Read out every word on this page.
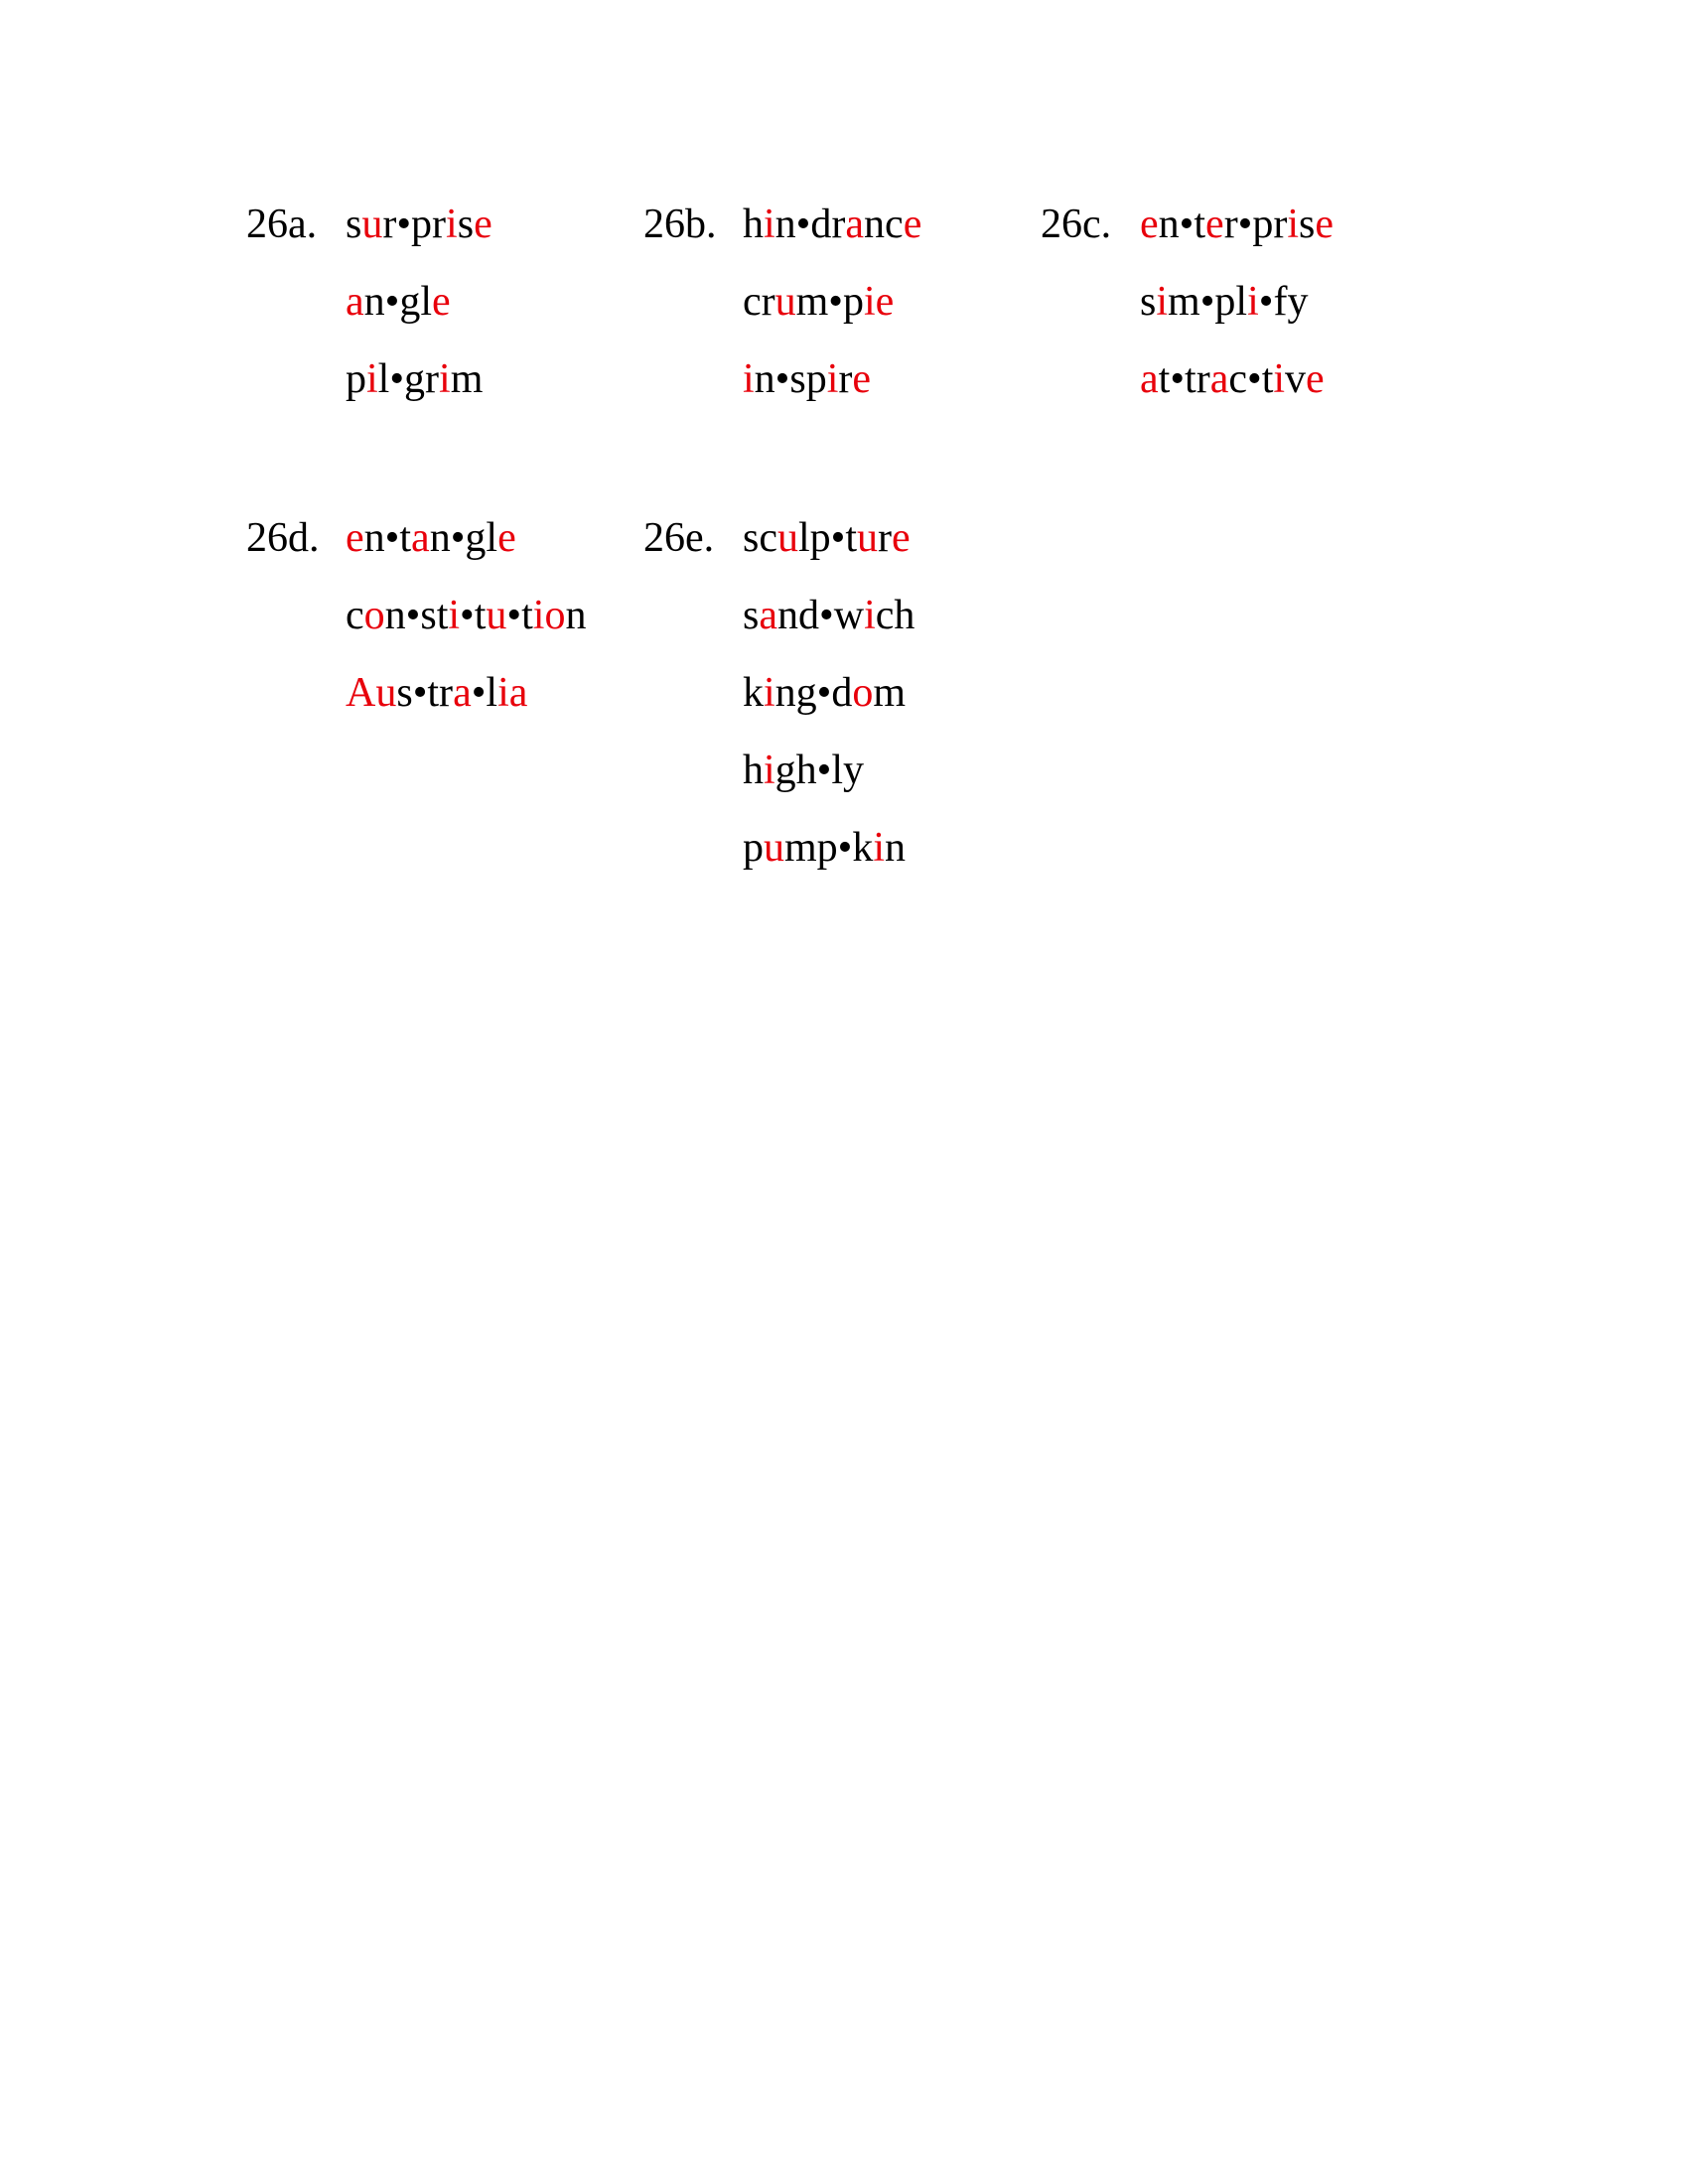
26a. sur•prise
an•gle
pil•grim
26b. hin•drance
crum•pie
in•spire
26c. en•ter•prise
sim•pli•fy
at•trac•tive
26d. en•tan•gle
con•sti•tu•tion
Aus•tra•lia
26e. sculp•ture
sand•wich
king•dom
high•ly
pump•kin
